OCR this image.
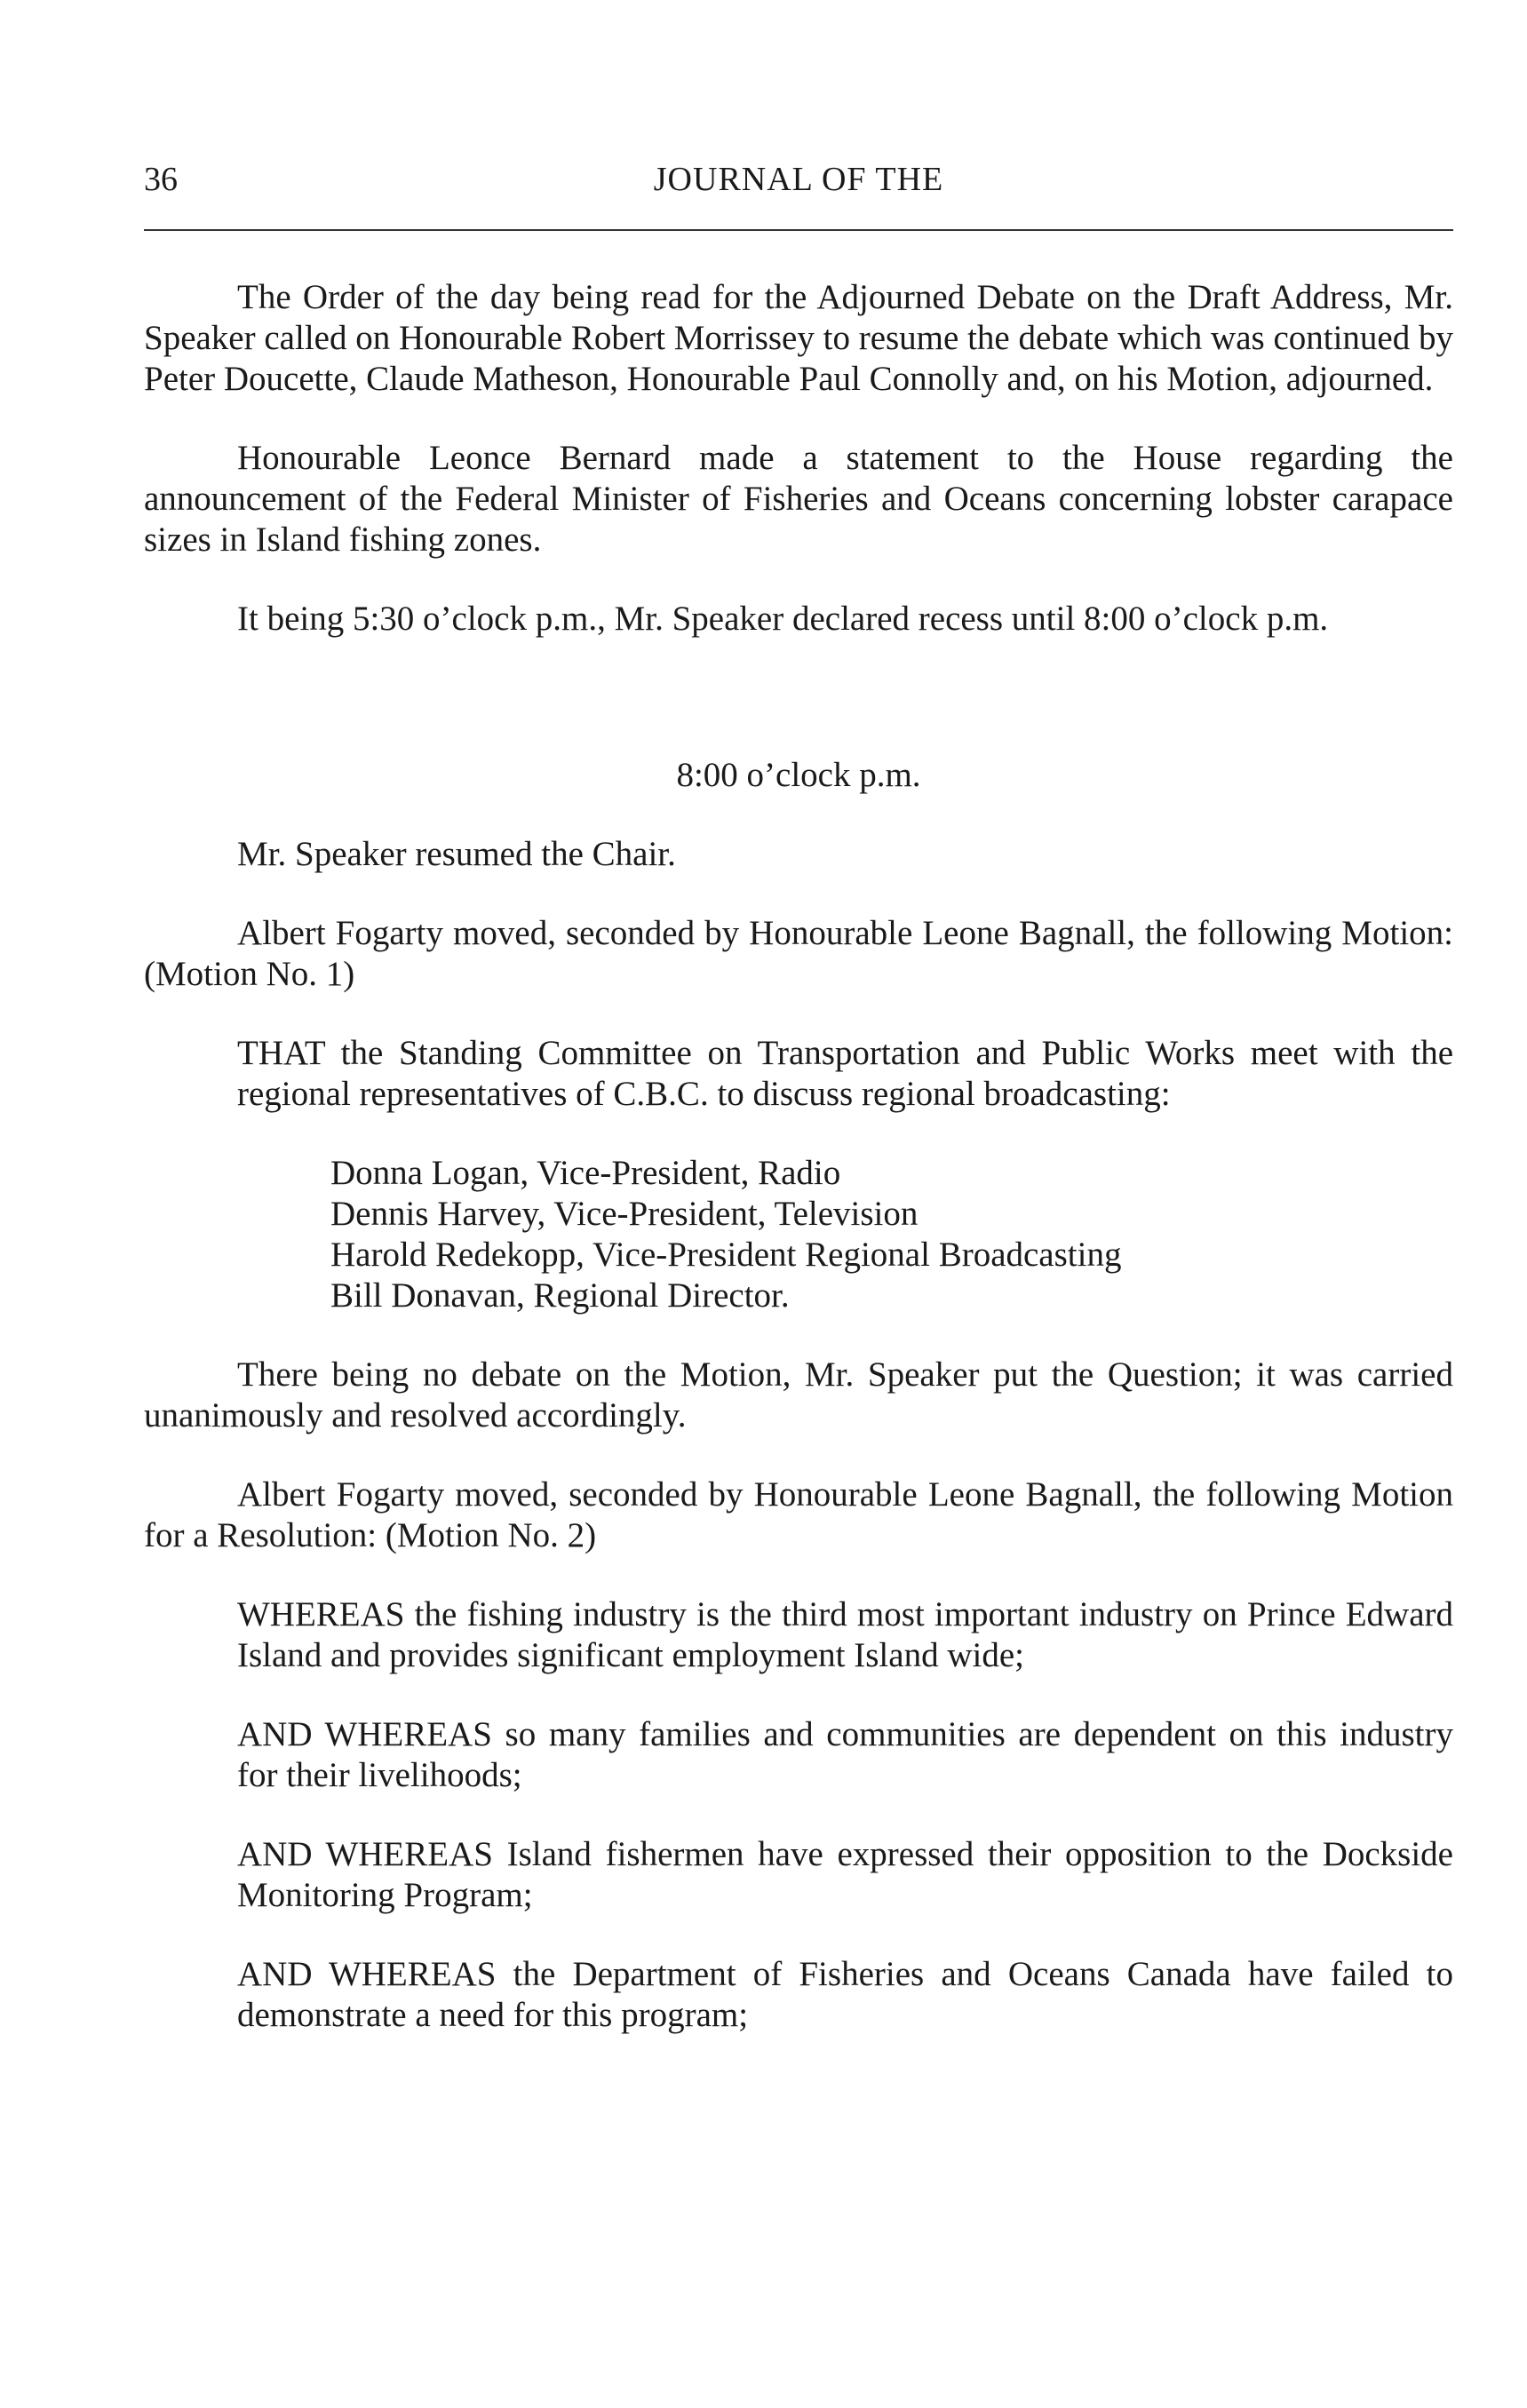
36	JOURNAL OF THE

The Order of the day being read for the Adjourned Debate on the Draft Address, Mr. Speaker called on Honourable Robert Morrissey to resume the debate which was continued by Peter Doucette, Claude Matheson, Honourable Paul Connolly and, on his Motion, adjourned.

Honourable Leonce Bernard made a statement to the House regarding the announcement of the Federal Minister of Fisheries and Oceans concerning lobster carapace sizes in Island fishing zones.

It being 5:30 o’clock p.m., Mr. Speaker declared recess until 8:00 o’clock p.m.

8:00 o’clock p.m.

Mr. Speaker resumed the Chair.

Albert Fogarty moved, seconded by Honourable Leone Bagnall, the following Motion: (Motion No. 1)

THAT the Standing Committee on Transportation and Public Works meet with the regional representatives of C.B.C. to discuss regional broadcasting:

Donna Logan, Vice-President, Radio
Dennis Harvey, Vice-President, Television
Harold Redekopp, Vice-President Regional Broadcasting
Bill Donavan, Regional Director.

There being no debate on the Motion, Mr. Speaker put the Question; it was carried unanimously and resolved accordingly.

Albert Fogarty moved, seconded by Honourable Leone Bagnall, the following Motion for a Resolution: (Motion No. 2)

WHEREAS the fishing industry is the third most important industry on Prince Edward Island and provides significant employment Island wide;

AND WHEREAS so many families and communities are dependent on this industry for their livelihoods;

AND WHEREAS Island fishermen have expressed their opposition to the Dockside Monitoring Program;

AND WHEREAS the Department of Fisheries and Oceans Canada have failed to demonstrate a need for this program;
